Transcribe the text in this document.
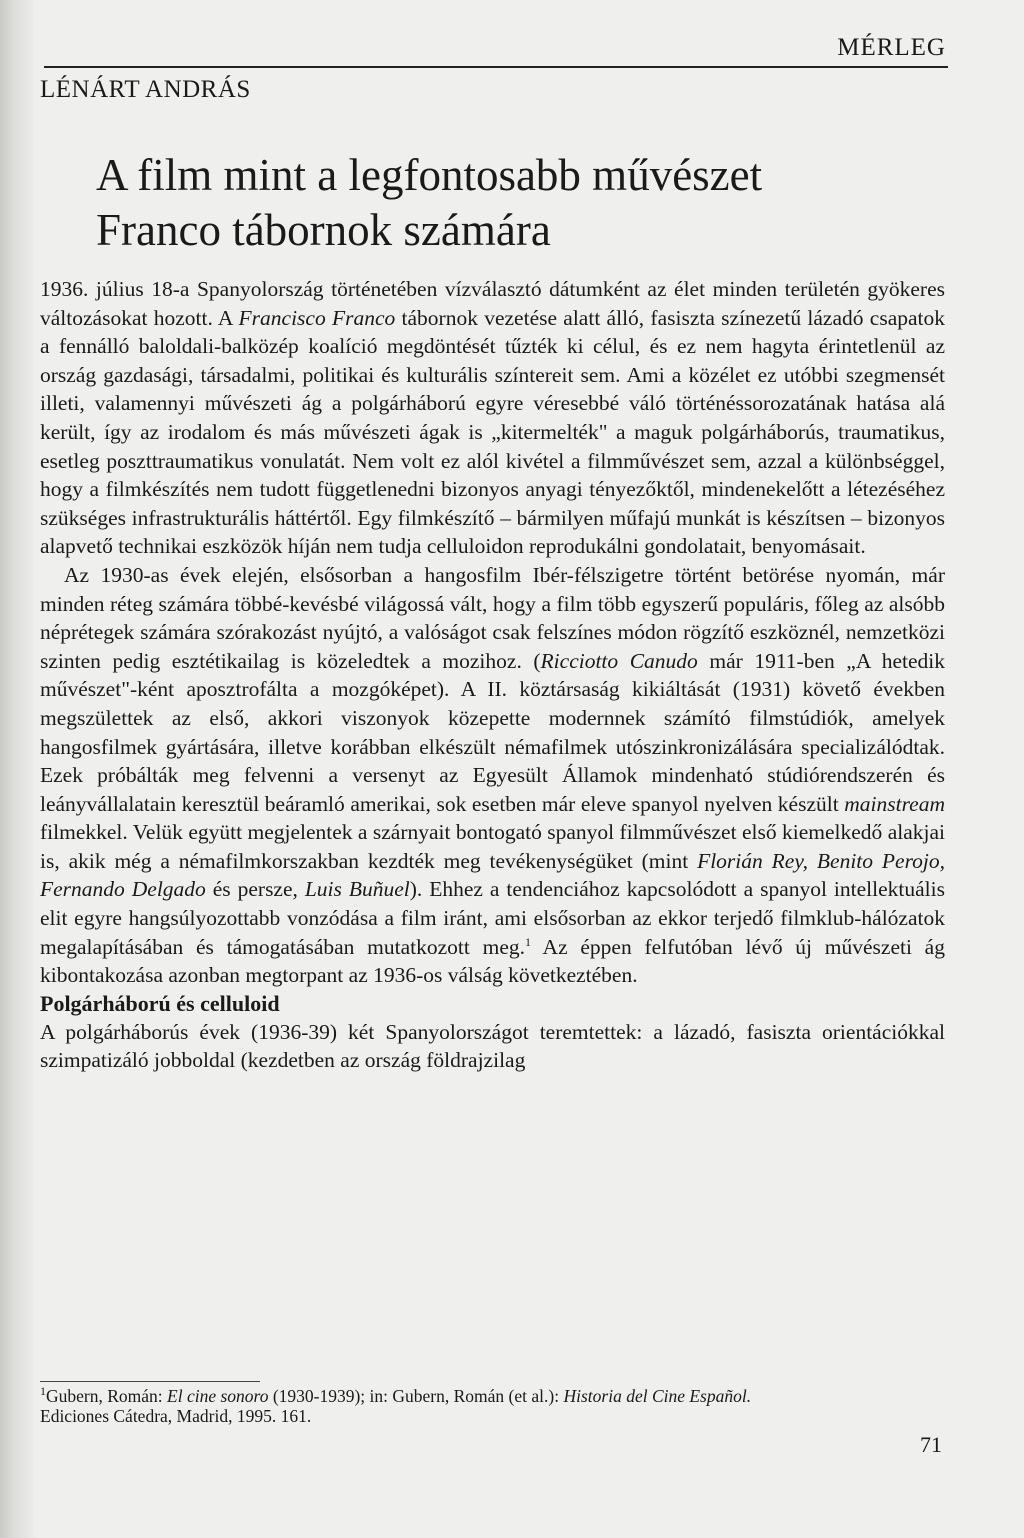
MÉRLEG
LÉNÁRT ANDRÁS
A film mint a legfontosabb művészet
Franco tábornok számára

1936. július 18-a Spanyolország történetében vízválasztó dátumként az élet minden területén gyökeres változásokat hozott. A Francisco Franco tábornok vezetése alatt álló, fasiszta színezetű lázadó csapatok a fennálló baloldali-balközép koalíció megdöntését tűzték ki célul, és ez nem hagyta érintetlenül az ország gazdasági, társadalmi, politikai és kulturális színtereit sem. Ami a közélet ez utóbbi szegmensét illeti, valamennyi művészeti ág a polgárháború egyre véresebbé váló történéssorozatának hatása alá került, így az irodalom és más művészeti ágak is „kitermelték" a maguk polgárháborús, traumatikus, esetleg poszttraumatikus vonulatát. Nem volt ez alól kivétel a filmművészet sem, azzal a különbséggel, hogy a filmkészítés nem tudott függetlenedni bizonyos anyagi tényezőktől, mindenekelőtt a létezéséhez szükséges infrastrukturális háttértől. Egy filmkészítő – bármilyen műfajú munkát is készítsen – bizonyos alapvető technikai eszközök híján nem tudja celluloidon reprodukálni gondolatait, benyomásait.

Az 1930-as évek elején, elsősorban a hangosfilm Ibér-félszigetre történt betörése nyomán, már minden réteg számára többé-kevésbé világossá vált, hogy a film több egyszerű populáris, főleg az alsóbb néprétegek számára szórakozást nyújtó, a valóságot csak felszínes módon rögzítő eszköznél, nemzetközi szinten pedig esztétikailag is közeledtek a mozihoz. (Ricciotto Canudo már 1911-ben „A hetedik művészet"-ként aposztrofálta a mozgóképet). A II. köztársaság kikiáltását (1931) követő években megszülettek az első, akkori viszonyok közepette modernnek számító filmstúdiók, amelyek hangosfilmek gyártására, illetve korábban elkészült némafilmek utószinkronizálására specializálódtak. Ezek próbálták meg felvenni a versenyt az Egyesült Államok mindenható stúdiórendszerén és leányvállalatain keresztül beáramló amerikai, sok esetben már eleve spanyol nyelven készült mainstream filmekkel. Velük együtt megjelentek a szárnyait bontogató spanyol filmművészet első kiemelkedő alakjai is, akik még a némafilmkorszakban kezdték meg tevékenységüket (mint Florián Rey, Benito Perojo, Fernando Delgado és persze, Luis Buñuel). Ehhez a tendenciához kapcsolódott a spanyol intellektuális elit egyre hangsúlyozottabb vonzódása a film iránt, ami elsősorban az ekkor terjedő filmklub-hálózatok megalapításában és támogatásában mutatkozott meg.$^1$ Az éppen felfutóban lévő új művészeti ág kibontakozása azonban megtorpant az 1936-os válság következtében.

Polgárháború és celluloid

A polgárháborús évek (1936-39) két Spanyolországot teremtettek: a lázadó, fasiszta orientációkkal szimpatizáló jobboldal (kezdetben az ország földrajzilag

$^1$Gubern, Román: El cine sonoro (1930-1939); in: Gubern, Román (et al.): Historia del Cine Español.
Ediciones Cátedra, Madrid, 1995. 161.
71
